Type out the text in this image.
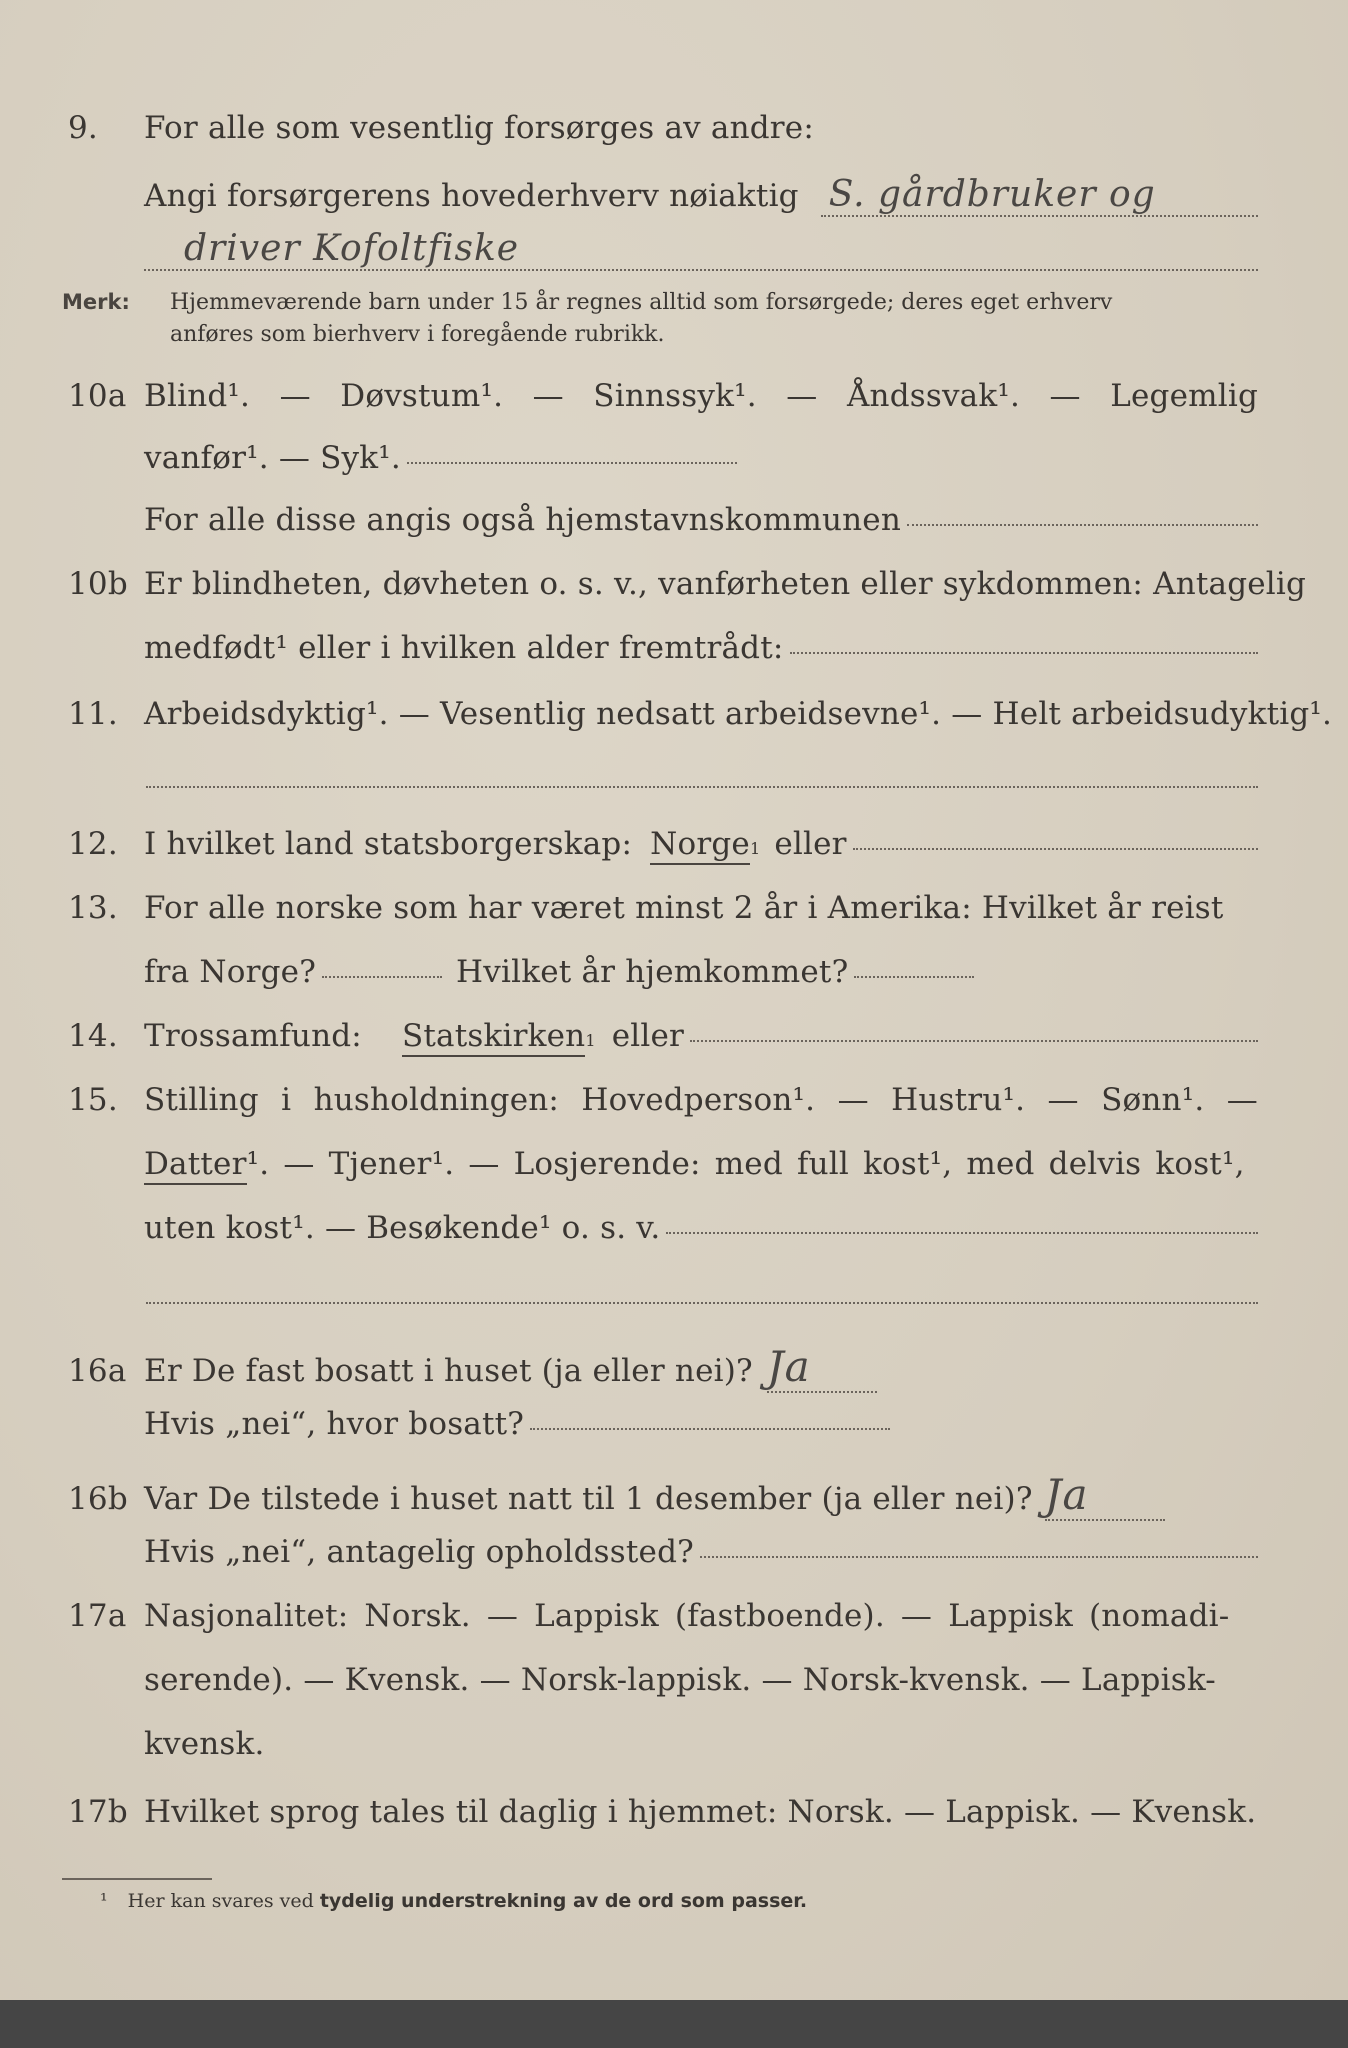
9.	For alle som vesentlig forsørges av andre:
Angi forsørgerens hovederhverv nøiaktig S. gårdbruker og
driver Kofoltfiske
Merk:	Hjemmeværende barn under 15 år regnes alltid som forsørgede; deres eget erhverv
anføres som bierhverv i foregående rubrikk.
10a Blind¹. — Døvstum¹. — Sinnssyk¹. — Åndssvak¹. — Legemlig
vanfør¹. — Syk¹.
For alle disse angis også hjemstavnskommunen
10b Er blindheten, døvheten o. s. v., vanførheten eller sykdommen: Antagelig
medfødt¹ eller i hvilken alder fremtrådt:
11. Arbeidsdyktig¹. — Vesentlig nedsatt arbeidsevne¹. — Helt arbeidsudyktig¹.
12. I hvilket land statsborgerskap: Norge 1 eller
13. For alle norske som har været minst 2 år i Amerika: Hvilket år reist
fra Norge?	Hvilket år hjemkommet?
14. Trossamfund: Statskirken 1 eller
15. Stilling i husholdningen: Hovedperson¹. — Hustru¹. — Sønn¹. —
Datter ¹. — Tjener¹. — Losjerende: med full kost¹, med delvis kost¹,
uten kost¹. — Besøkende¹ o. s. v.
16a Er De fast bosatt i huset (ja eller nei)? Ja
Hvis „nei“, hvor bosatt?
16b Var De tilstede i huset natt til 1 desember (ja eller nei)? Ja
Hvis „nei“, antagelig opholdssted?
17a Nasjonalitet: Norsk. — Lappisk (fastboende). — Lappisk (nomadi-
serende). — Kvensk. — Norsk-lappisk. — Norsk-kvensk. — Lappisk-
kvensk.
17b Hvilket sprog tales til daglig i hjemmet: Norsk. — Lappisk. — Kvensk.
¹ Her kan svares ved tydelig understrekning av de ord som passer.
